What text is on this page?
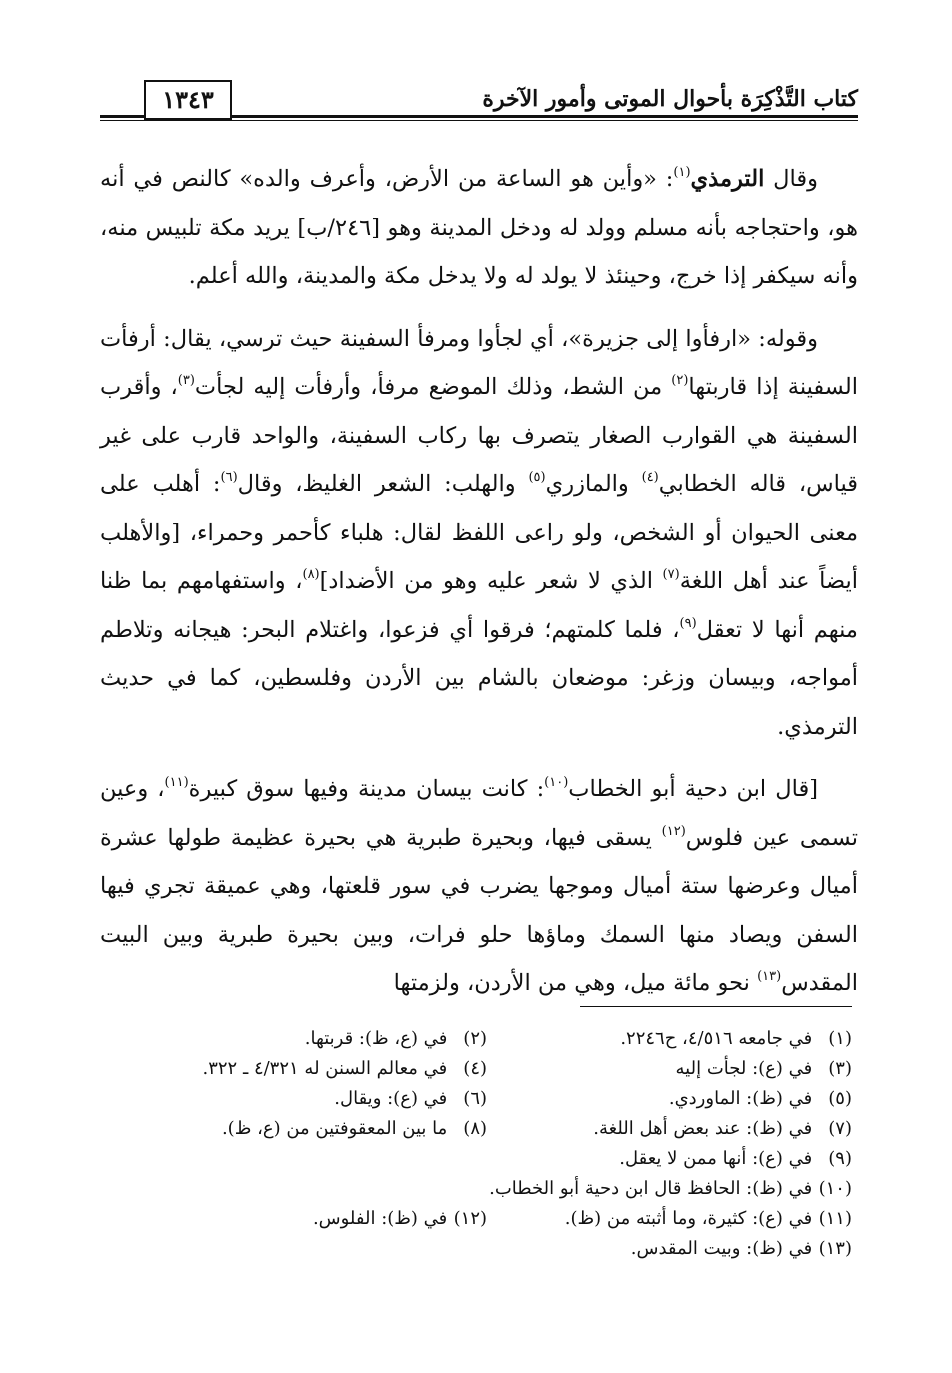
كتاب التَّذْكِرَة بأحوال الموتى وأمور الآخرة
١٣٤٣

وقال الترمذي$^{(١)}$: «وأين هو الساعة من الأرض، وأعرف والده» كالنص في أنه هو، واحتجاجه بأنه مسلم وولد له ودخل المدينة وهو [٢٤٦/ب] يريد مكة تلبيس منه، وأنه سيكفر إذا خرج، وحينئذ لا يولد له ولا يدخل مكة والمدينة، والله أعلم.

وقوله: «ارفأوا إلى جزيرة»، أي لجأوا ومرفأ السفينة حيث ترسي، يقال: أرفأت السفينة إذا قاربتها$^{(٢)}$ من الشط، وذلك الموضع مرفأ، وأرفأت إليه لجأت$^{(٣)}$، وأقرب السفينة هي القوارب الصغار يتصرف بها ركاب السفينة، والواحد قارب على غير قياس، قاله الخطابي$^{(٤)}$ والمازري$^{(٥)}$ والهلب: الشعر الغليظ، وقال$^{(٦)}$: أهلب على معنى الحيوان أو الشخص، ولو راعى اللفظ لقال: هلباء كأحمر وحمراء، [والأهلب أيضاً عند أهل اللغة$^{(٧)}$ الذي لا شعر عليه وهو من الأضداد]$^{(٨)}$، واستفهامهم بما ظنا منهم أنها لا تعقل$^{(٩)}$، فلما كلمتهم؛ فرقوا أي فزعوا، واغتلام البحر: هيجانه وتلاطم أمواجه، وبيسان وزغر: موضعان بالشام بين الأردن وفلسطين، كما في حديث الترمذي.

[قال ابن دحية أبو الخطاب$^{(١٠)}$: كانت بيسان مدينة وفيها سوق كبيرة$^{(١١)}$، وعين تسمى عين فلوس$^{(١٢)}$ يسقى فيها، وبحيرة طبرية هي بحيرة عظيمة طولها عشرة أميال وعرضها ستة أميال وموجها يضرب في سور قلعتها، وهي عميقة تجري فيها السفن ويصاد منها السمك وماؤها حلو فرات، وبين بحيرة طبرية وبين البيت المقدس$^{(١٣)}$ نحو مائة ميل، وهي من الأردن، ولزمتها

(١) في جامعه ٤/٥١٦، ح٢٢٤٦.
(٢) في (ع، ظ): قربتها.
(٣) في (ع): لجأت إليه
(٤) في معالم السنن له ٤/٣٢١ ـ ٣٢٢.
(٥) في (ظ): الماوردي.
(٦) في (ع): ويقال.
(٧) في (ظ): عند بعض أهل اللغة.
(٨) ما بين المعقوفتين من (ع، ظ).
(٩) في (ع): أنها ممن لا يعقل.
(١٠) في (ظ): الحافظ قال ابن دحية أبو الخطاب.
(١١) في (ع): كثيرة، وما أثبته من (ظ).
(١٢) في (ظ): الفلوس.
(١٣) في (ظ): وبيت المقدس.
